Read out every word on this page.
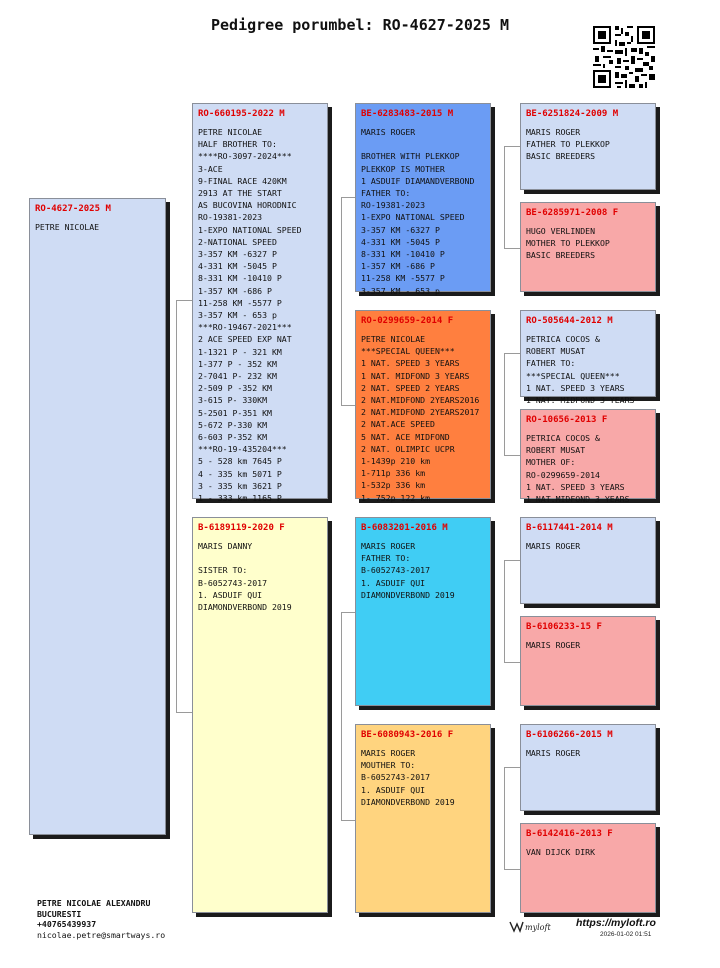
Pedigree porumbel: RO-4627-2025 M
RO-4627-2025 M
PETRE NICOLAE
RO-660195-2022 M
PETRE NICOLAE
HALF BROTHER TO:
****RO-3097-2024***
3-ACE
9-FINAL RACE 420KM
2913 AT THE START
AS BUCOVINA HORODNIC
RO-19381-2023
1-EXPO NATIONAL SPEED
2-NATIONAL SPEED
3-357 KM -6327 P
4-331 KM -5045 P
8-331 KM -10410 P
1-357 KM -686 P
11-258 KM -5577 P
3-357 KM - 653 p
***RO-19467-2021***
2 ACE SPEED EXP NAT
1-1321 P - 321 KM
1-377 P - 352 KM
2-7041 P- 232 KM
2-509 P -352 KM
3-615 P- 330KM
5-2501 P-351 KM
5-672 P-330 KM
6-603 P-352 KM
***RO-19-435204***
5 - 528 km 7645 P
4 - 335 km 5071 P
3 - 335 km 3621 P
1 - 333 km 1165 P
B-6189119-2020 F
MARIS DANNY

SISTER TO:
B-6052743-2017
1. ASDUIF QUI
DIAMONDVERBOND 2019
BE-6283483-2015 M
MARIS ROGER

BROTHER WITH PLEKKOP
PLEKKOP IS MOTHER
1 ASDUIF DIAMANDVERBOND
FATHER TO:
RO-19381-2023
1-EXPO NATIONAL SPEED
3-357 KM -6327 P
4-331 KM -5045 P
8-331 KM -10410 P
1-357 KM -686 P
11-258 KM -5577 P
3-357 KM - 653 p
RO-0299659-2014 F
PETRE NICOLAE
***SPECIAL QUEEN***
1 NAT. SPEED 3 YEARS
1 NAT. MIDFOND 3 YEARS
2 NAT. SPEED 2 YEARS
2 NAT.MIDFOND 2YEARS2016
2 NAT.MIDFOND 2YEARS2017
2 NAT.ACE SPEED
5 NAT. ACE MIDFOND
2 NAT. OLIMPIC UCPR
1-1439p 210 km
1-711p 336 km
1-532p 336 km
1- 752p 122 km
B-6083201-2016 M
MARIS ROGER
FATHER TO:
B-6052743-2017
1. ASDUIF QUI
DIAMONDVERBOND 2019
BE-6080943-2016 F
MARIS ROGER
MOUTHER TO:
B-6052743-2017
1. ASDUIF QUI
DIAMONDVERBOND 2019
BE-6251824-2009 M
MARIS ROGER
FATHER TO PLEKKOP
BASIC BREEDERS
BE-6285971-2008 F
HUGO VERLINDEN
MOTHER TO PLEKKOP
BASIC BREEDERS
RO-505644-2012 M
PETRICA COCOS &
ROBERT MUSAT
FATHER TO:
***SPECIAL QUEEN***
1 NAT. SPEED 3 YEARS
1 NAT. MIDFOND 3 YEARS
RO-10656-2013 F
PETRICA COCOS &
ROBERT MUSAT
MOTHER OF:
RO-0299659-2014
1 NAT. SPEED 3 YEARS
1 NAT.MIDFOND 3 YEARS
B-6117441-2014 M
MARIS ROGER
B-6106233-15 F
MARIS ROGER
B-6106266-2015 M
MARIS ROGER
B-6142416-2013 F
VAN DIJCK DIRK
PETRE NICOLAE ALEXANDRU
BUCURESTI
+40765439937
nicolae.petre@smartways.ro
myloft https://myloft.ro
2026-01-02 01:51
